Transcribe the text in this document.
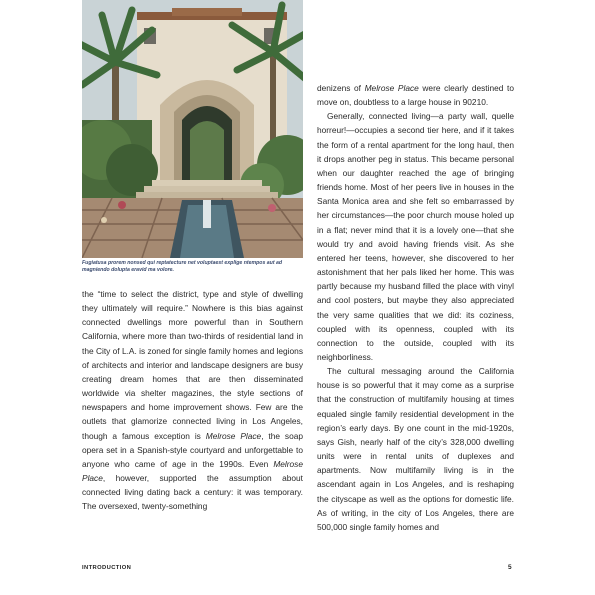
Fugiatusa prorem nonsed qui reptatecture net voluptaest explige ntempos aut ad magniendo dolupta eravid ma volore.

the “time to select the district, type and style of dwelling they ultimately will require.” Nowhere is this bias against connected dwellings more powerful than in Southern California, where more than two-thirds of residential land in the City of L.A. is zoned for single family homes and legions of architects and interior and landscape designers are busy creating dream homes that are then disseminated worldwide via shelter magazines, the style sections of newspapers and home improvement shows. Few are the outlets that glamorize connected living in Los Angeles, though a famous exception is Melrose Place, the soap opera set in a Spanish-style courtyard and unforgettable to anyone who came of age in the 1990s. Even Melrose Place, however, supported the assumption about connected living dating back a century: it was temporary. The oversexed, twenty-something

denizens of Melrose Place were clearly destined to move on, doubtless to a large house in 90210.

Generally, connected living—a party wall, quelle horreur!—occupies a second tier here, and if it takes the form of a rental apartment for the long haul, then it drops another peg in status. This became personal when our daughter reached the age of bringing friends home. Most of her peers live in houses in the Santa Monica area and she felt so embarrassed by her circumstances—the poor church mouse holed up in a flat; never mind that it is a lovely one—that she would try and avoid having friends visit. As she entered her teens, however, she discovered to her astonishment that her pals liked her home. This was partly because my husband filled the place with vinyl and cool posters, but maybe they also appreciated the very same qualities that we did: its coziness, coupled with its openness, coupled with its connection to the outside, coupled with its neighborliness.

The cultural messaging around the California house is so powerful that it may come as a surprise that the construction of multifamily housing at times equaled single family residential development in the region’s early days. By one count in the mid-1920s, says Gish, nearly half of the city’s 328,000 dwelling units were in rental units of duplexes and apartments. Now multifamily living is in the ascendant again in Los Angeles, and is reshaping the cityscape as well as the options for domestic life. As of writing, in the city of Los Angeles, there are 500,000 single family homes and

INTRODUCTION	5
